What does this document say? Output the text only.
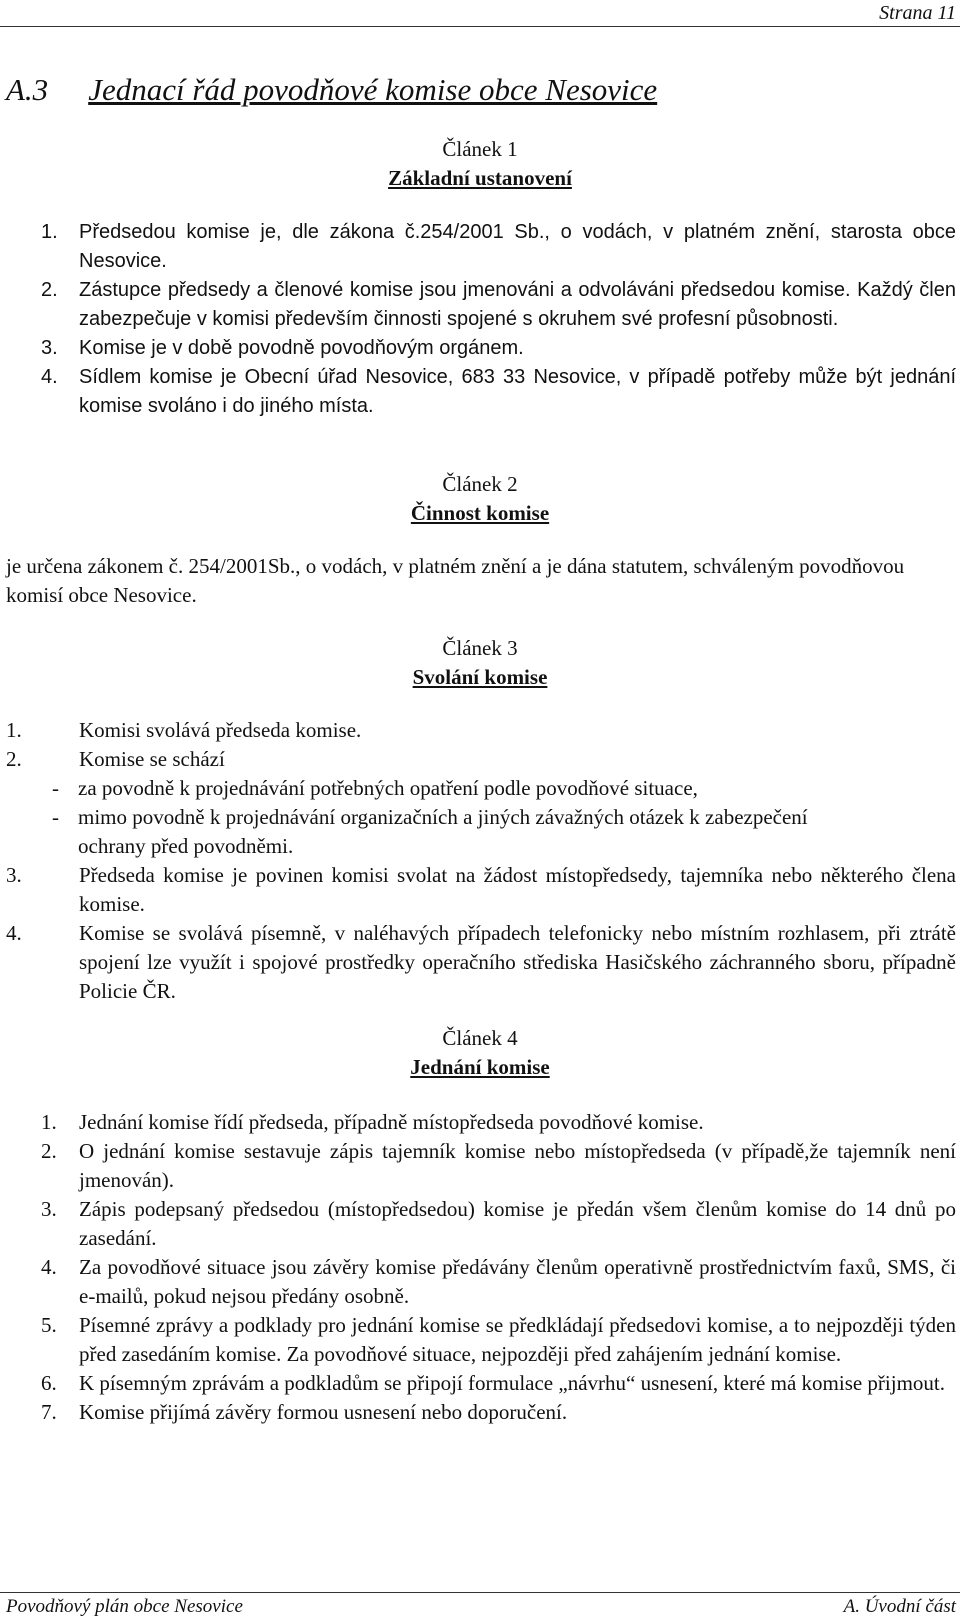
Strana 11
A.3 Jednací řád povodňové komise obce Nesovice
Článek 1
Základní ustanovení
1. Předsedou komise je, dle zákona č.254/2001 Sb., o vodách, v platném znění, starosta obce Nesovice.
2. Zástupce předsedy a členové komise jsou jmenováni a odvoláváni předsedou komise. Každý člen zabezpečuje v komisi především činnosti spojené s okruhem své profesní působnosti.
3. Komise je v době povodně povodňovým orgánem.
4. Sídlem komise je Obecní úřad Nesovice, 683 33 Nesovice, v případě potřeby může být jednání komise svoláno i do jiného místa.
Článek 2
Činnost komise

je určena zákonem č. 254/2001Sb., o vodách, v platném znění a je dána statutem, schváleným povodňovou komisí obce Nesovice.

Článek 3
Svolání komise
1.	Komisi svolává předseda komise.
2.	Komise se schází
- za povodně k projednávání potřebných opatření podle povodňové situace,
- mimo povodně k projednávání organizačních a jiných závažných otázek k zabezpečení ochrany před povodněmi.
3.	Předseda komise je povinen komisi svolat na žádost místopředsedy, tajemníka nebo některého člena komise.
4.	Komise se svolává písemně, v naléhavých případech telefonicky nebo místním rozhlasem, při ztrátě spojení lze využít i spojové prostředky operačního střediska Hasičského záchranného sboru, případně Policie ČR.
Článek 4
Jednání komise
1. Jednání komise řídí předseda, případně místopředseda povodňové komise.
2. O jednání komise sestavuje zápis tajemník komise nebo místopředseda (v případě,že tajemník není jmenován).
3. Zápis podepsaný předsedou (místopředsedou) komise je předán všem členům komise do 14 dnů po zasedání.
4. Za povodňové situace jsou závěry komise předávány členům operativně prostřednictvím faxů, SMS, či e-mailů, pokud nejsou předány osobně.
5. Písemné zprávy a podklady pro jednání komise se předkládají předsedovi komise, a to nejpozději týden před zasedáním komise. Za povodňové situace, nejpozději před zahájením jednání komise.
6. K písemným zprávám a podkladům se připojí formulace „návrhu“ usnesení, které má komise přijmout.
7. Komise přijímá závěry formou usnesení nebo doporučení.
Povodňový plán obce Nesovice	A. Úvodní část
